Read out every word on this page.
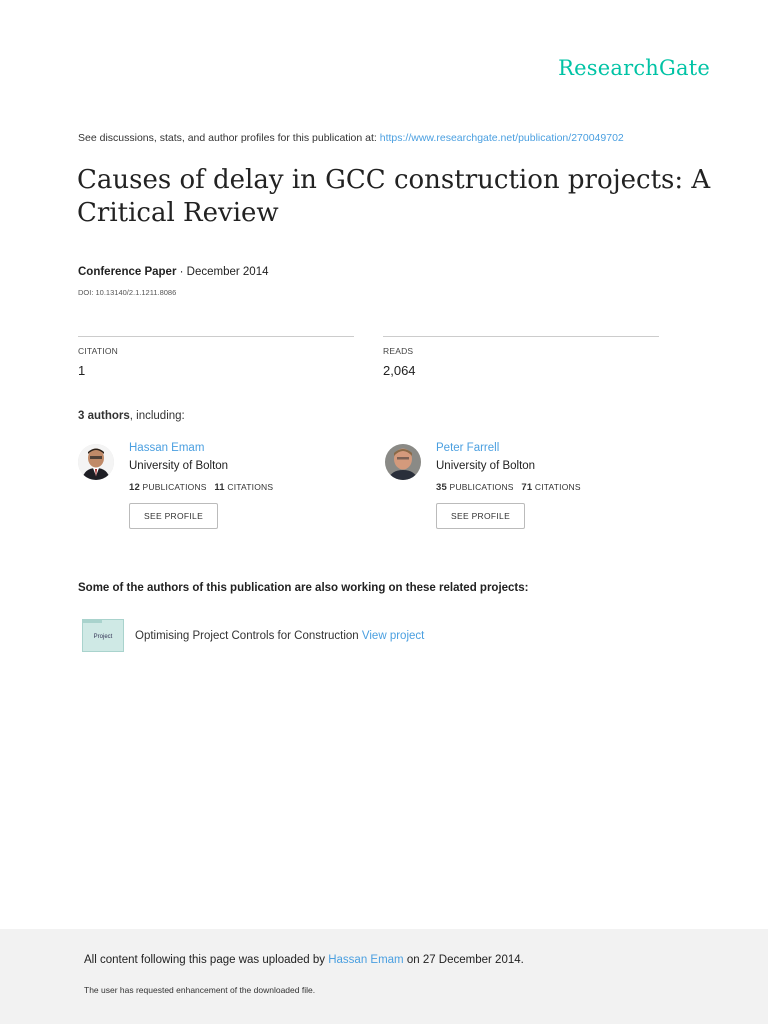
ResearchGate
See discussions, stats, and author profiles for this publication at: https://www.researchgate.net/publication/270049702
Causes of delay in GCC construction projects: A Critical Review
Conference Paper · December 2014
DOI: 10.13140/2.1.1211.8086
CITATION
1
READS
2,064
3 authors, including:
Hassan Emam
University of Bolton
12 PUBLICATIONS 11 CITATIONS
SEE PROFILE
Peter Farrell
University of Bolton
35 PUBLICATIONS 71 CITATIONS
SEE PROFILE
Some of the authors of this publication are also working on these related projects:
Project	Optimising Project Controls for Construction View project
All content following this page was uploaded by Hassan Emam on 27 December 2014.
The user has requested enhancement of the downloaded file.
